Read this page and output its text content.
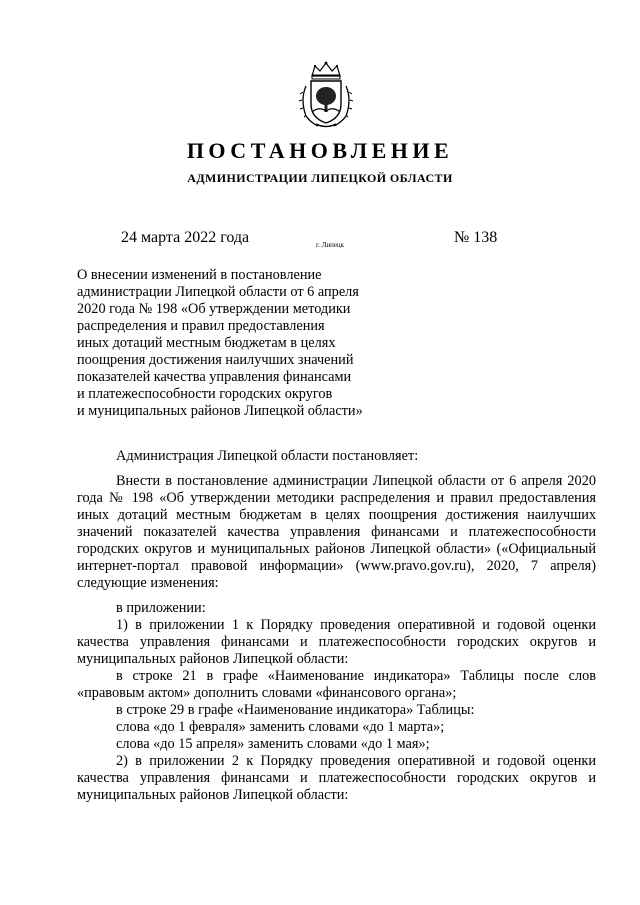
ПОСТАНОВЛЕНИЕ
АДМИНИСТРАЦИИ ЛИПЕЦКОЙ ОБЛАСТИ
24 марта 2022 года	г. Липецк	№ 138
О внесении изменений в постановление
администрации Липецкой области от 6 апреля
2020 года № 198 «Об утверждении методики
распределения и правил предоставления
иных дотаций местным бюджетам в целях
поощрения достижения наилучших значений
показателей качества управления финансами
и платежеспособности городских округов
и муниципальных районов Липецкой области»
Администрация Липецкой области постановляет:
Внести в постановление администрации Липецкой области от 6 апреля 2020 года № 198 «Об утверждении методики распределения и правил предоставления иных дотаций местным бюджетам в целях поощрения достижения наилучших значений показателей качества управления финансами и платежеспособности городских округов и муниципальных районов Липецкой области» («Официальный интернет-портал правовой информации» (www.pravo.gov.ru), 2020, 7 апреля) следующие изменения:
в приложении:
1) в приложении 1 к Порядку проведения оперативной и годовой оценки качества управления финансами и платежеспособности городских округов и муниципальных районов Липецкой области:
в строке 21 в графе «Наименование индикатора» Таблицы после слов «правовым актом» дополнить словами «финансового органа»;
в строке 29 в графе «Наименование индикатора» Таблицы:
слова «до 1 февраля» заменить словами «до 1 марта»;
слова «до 15 апреля» заменить словами «до 1 мая»;
2) в приложении 2 к Порядку проведения оперативной и годовой оценки качества управления финансами и платежеспособности городских округов и муниципальных районов Липецкой области:
